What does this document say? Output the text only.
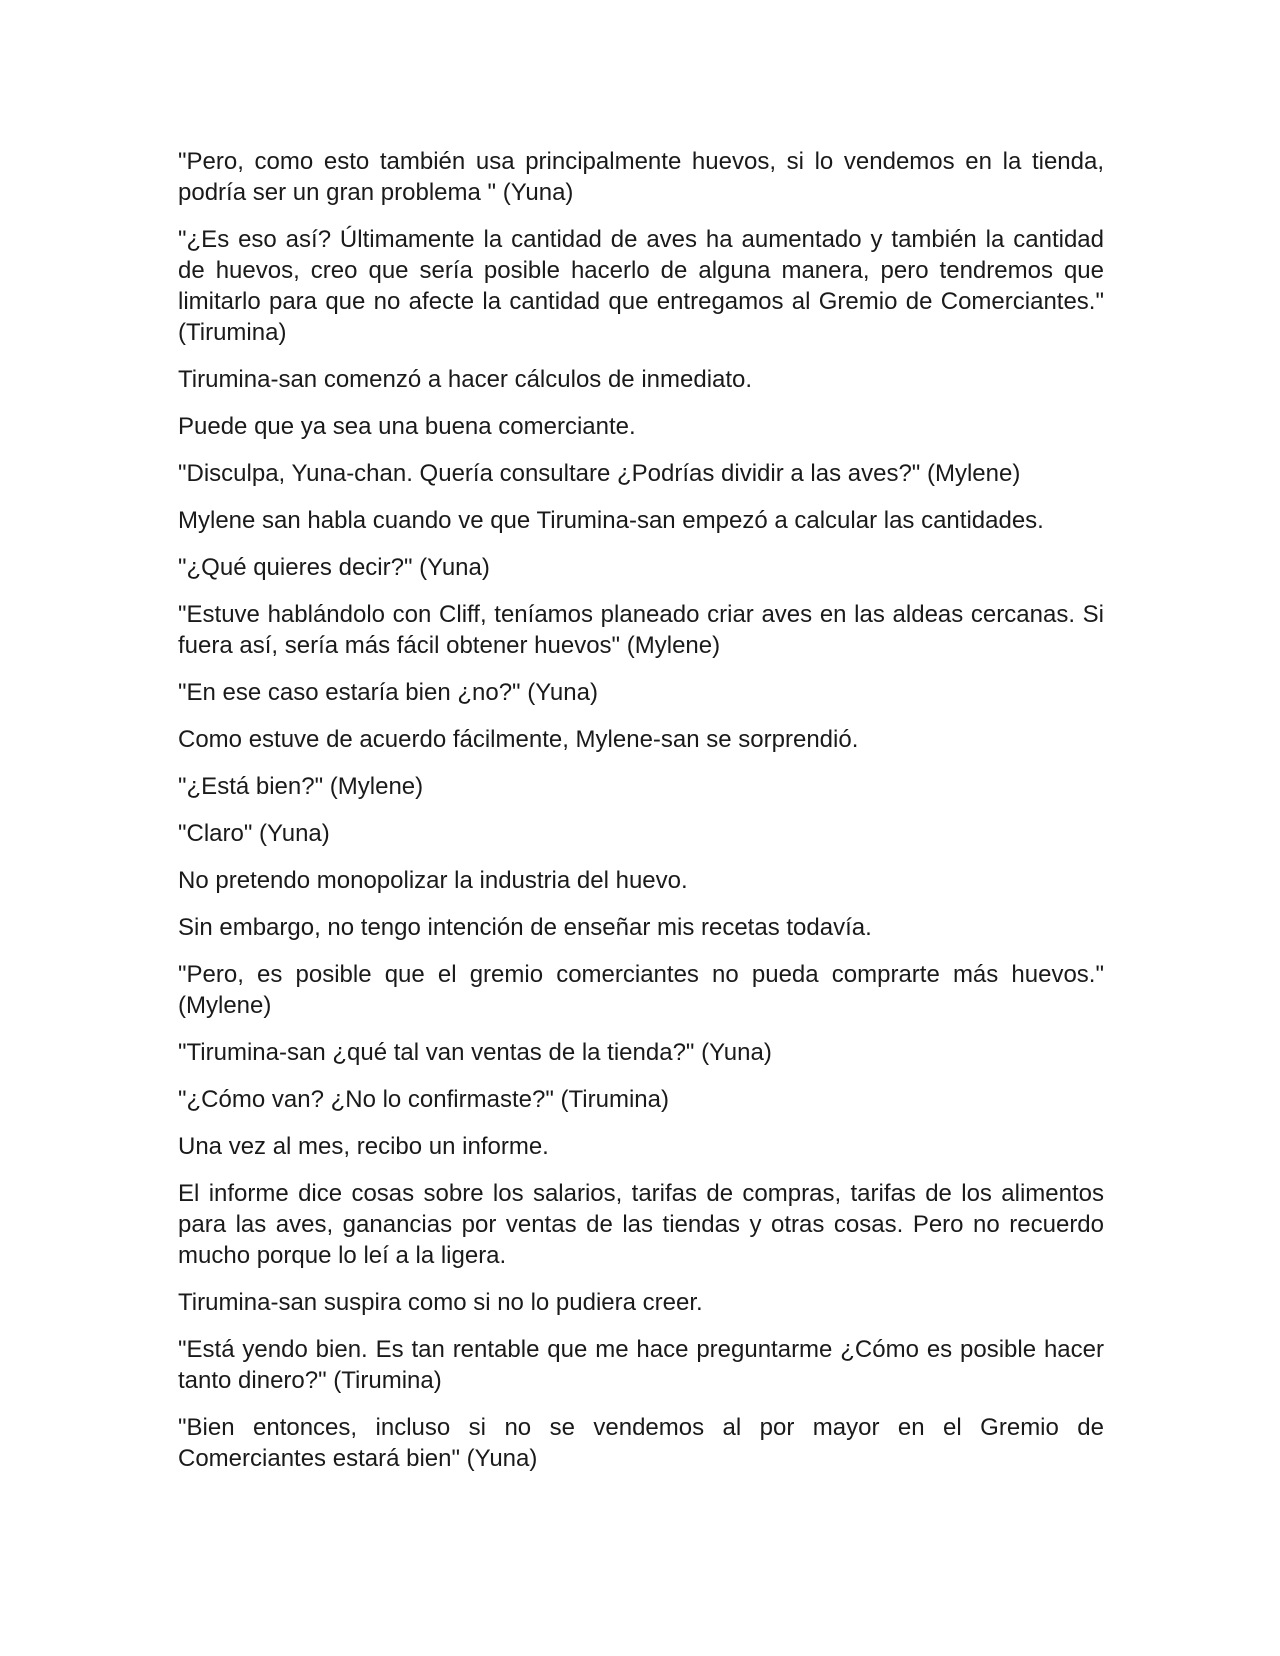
"Pero, como esto también usa principalmente huevos, si lo vendemos en la tienda, podría ser un gran problema " (Yuna)

"¿Es eso así? Últimamente la cantidad de aves ha aumentado y también la cantidad de huevos, creo que sería posible hacerlo de alguna manera, pero tendremos que limitarlo para que no afecte la cantidad que entregamos al Gremio de Comerciantes." (Tirumina)

Tirumina-san comenzó a hacer cálculos de inmediato.

Puede que ya sea una buena comerciante.

"Disculpa, Yuna-chan. Quería consultare ¿Podrías dividir a las aves?" (Mylene)

Mylene san habla cuando ve que Tirumina-san empezó a calcular las cantidades.

"¿Qué quieres decir?" (Yuna)

"Estuve hablándolo con Cliff, teníamos planeado criar aves en las aldeas cercanas. Si fuera así, sería más fácil obtener huevos" (Mylene)

"En ese caso estaría bien ¿no?" (Yuna)

Como estuve de acuerdo fácilmente, Mylene-san se sorprendió.

"¿Está bien?" (Mylene)

"Claro" (Yuna)

No pretendo monopolizar la industria del huevo.

Sin embargo, no tengo intención de enseñar mis recetas todavía.

"Pero, es posible que el gremio comerciantes no pueda comprarte más huevos." (Mylene)

"Tirumina-san ¿qué tal van ventas de la tienda?" (Yuna)

"¿Cómo van? ¿No lo confirmaste?" (Tirumina)

Una vez al mes, recibo un informe.

El informe dice cosas sobre los salarios, tarifas de compras, tarifas de los alimentos para las aves, ganancias por ventas de las tiendas y otras cosas. Pero no recuerdo mucho porque lo leí a la ligera.

Tirumina-san suspira como si no lo pudiera creer.

"Está yendo bien. Es tan rentable que me hace preguntarme ¿Cómo es posible hacer tanto dinero?" (Tirumina)

"Bien entonces, incluso si no se vendemos al por mayor en el Gremio de Comerciantes estará bien" (Yuna)
